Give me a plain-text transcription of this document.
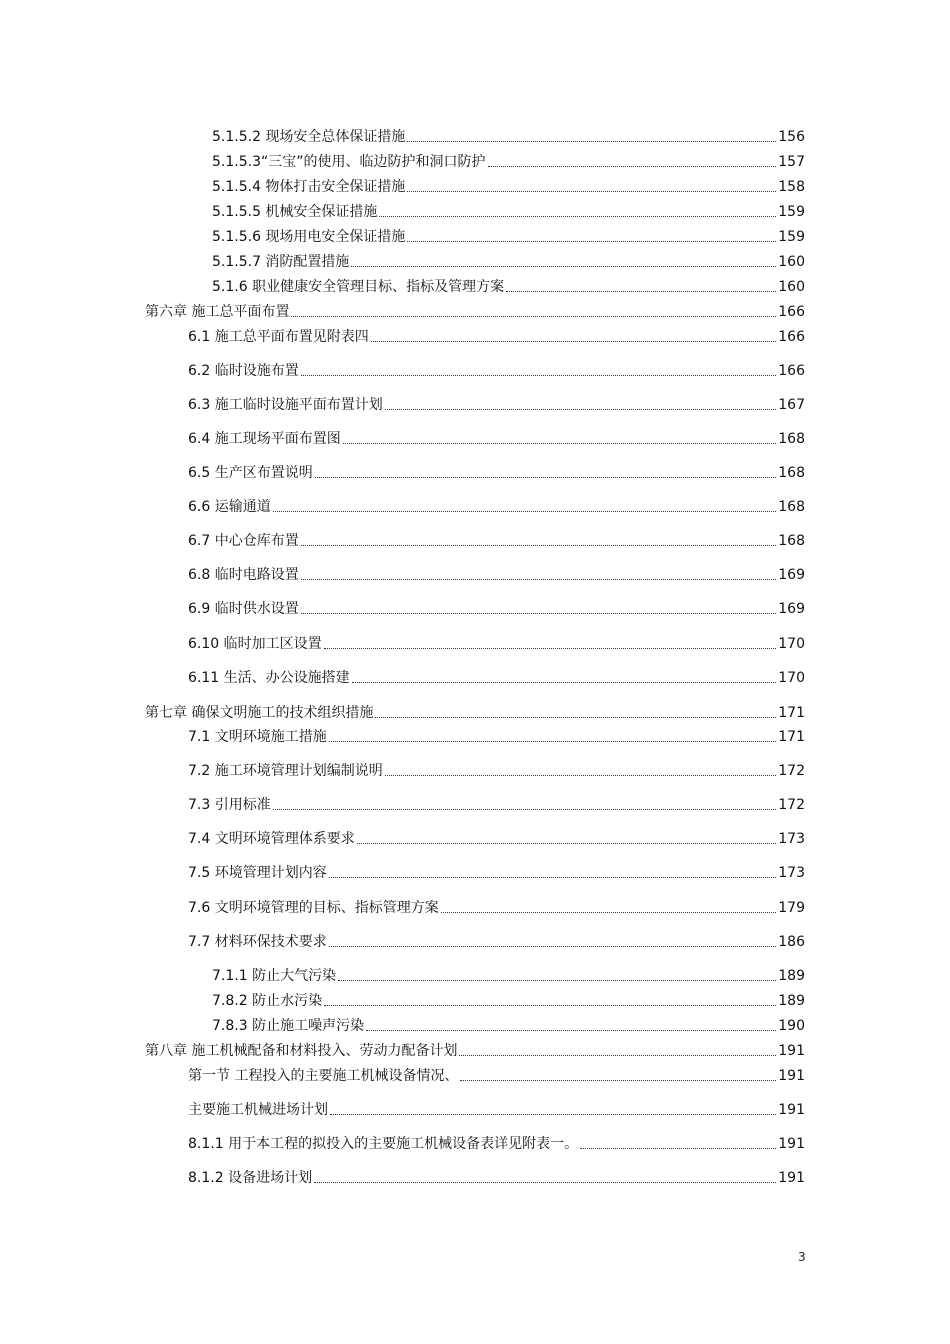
5.1.5.2 现场安全总体保证措施	156
5.1.5.3“三宝”的使用、临边防护和洞口防护	157
5.1.5.4 物体打击安全保证措施	158
5.1.5.5 机械安全保证措施	159
5.1.5.6 现场用电安全保证措施	159
5.1.5.7 消防配置措施	160
5.1.6 职业健康安全管理目标、指标及管理方案	160
第六章 施工总平面布置	166
6.1 施工总平面布置见附表四	166
6.2 临时设施布置	166
6.3 施工临时设施平面布置计划	167
6.4 施工现场平面布置图	168
6.5 生产区布置说明	168
6.6 运输通道	168
6.7 中心仓库布置	168
6.8 临时电路设置	169
6.9 临时供水设置	169
6.10 临时加工区设置	170
6.11 生活、办公设施搭建	170
第七章 确保文明施工的技术组织措施	171
7.1 文明环境施工措施	171
7.2 施工环境管理计划编制说明	172
7.3 引用标准	172
7.4 文明环境管理体系要求	173
7.5 环境管理计划内容	173
7.6 文明环境管理的目标、指标管理方案	179
7.7 材料环保技术要求	186
7.1.1 防止大气污染	189
7.8.2 防止水污染	189
7.8.3 防止施工噪声污染	190
第八章 施工机械配备和材料投入、劳动力配备计划	191
第一节 工程投入的主要施工机械设备情况、	191
主要施工机械进场计划	191
8.1.1 用于本工程的拟投入的主要施工机械设备表详见附表一。	191
8.1.2 设备进场计划	191
3
